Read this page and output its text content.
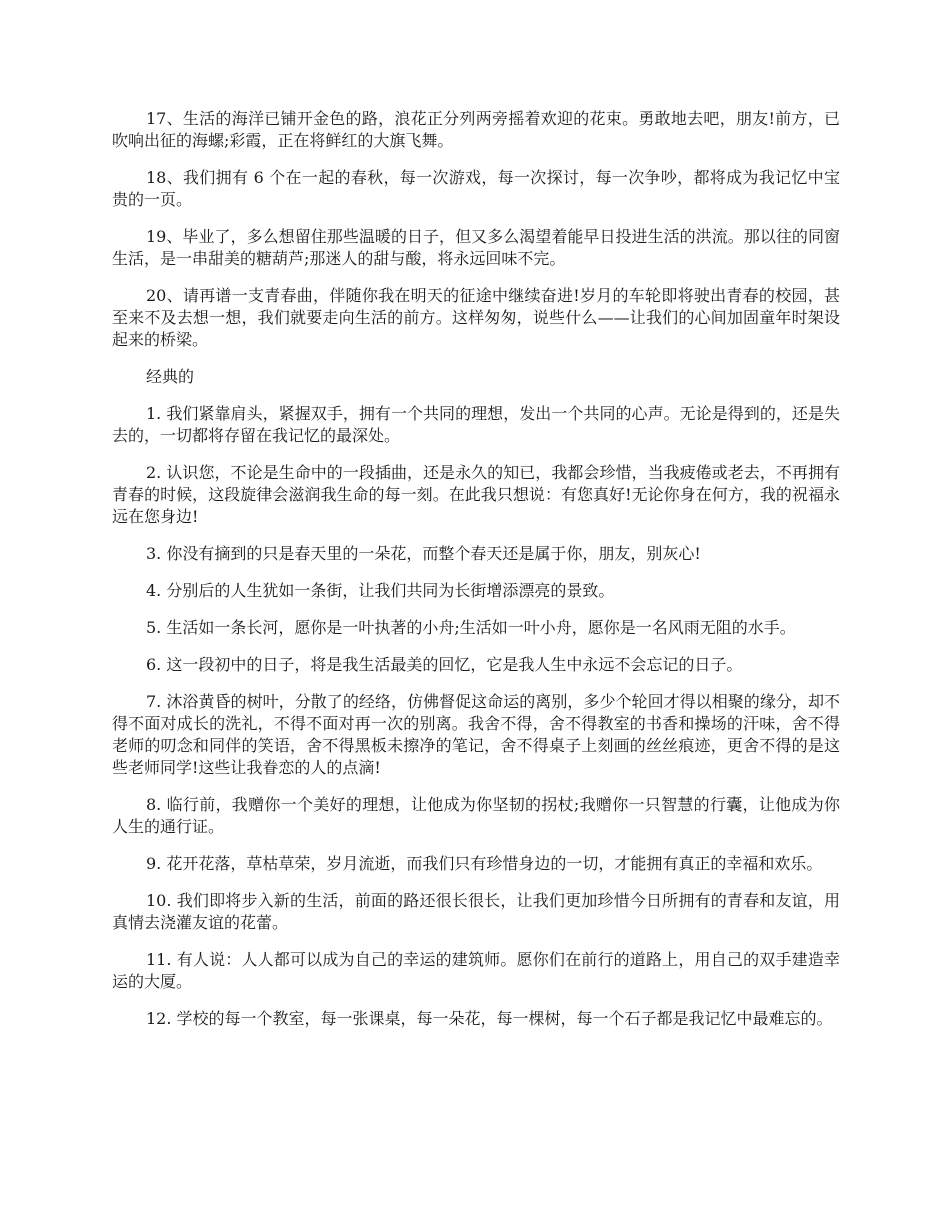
17、生活的海洋已铺开金色的路，浪花正分列两旁摇着欢迎的花束。勇敢地去吧，朋友!前方，已吹响出征的海螺;彩霞，正在将鲜红的大旗飞舞。

18、我们拥有 6 个在一起的春秋，每一次游戏，每一次探讨，每一次争吵，都将成为我记忆中宝贵的一页。

19、毕业了，多么想留住那些温暖的日子，但又多么渴望着能早日投进生活的洪流。那以往的同窗生活，是一串甜美的糖葫芦;那迷人的甜与酸，将永远回味不完。

20、请再谱一支青春曲，伴随你我在明天的征途中继续奋进!岁月的车轮即将驶出青春的校园，甚至来不及去想一想，我们就要走向生活的前方。这样匆匆，说些什么——让我们的心间加固童年时架设起来的桥梁。

经典的

1. 我们紧靠肩头，紧握双手，拥有一个共同的理想，发出一个共同的心声。无论是得到的，还是失去的，一切都将存留在我记忆的最深处。

2. 认识您，不论是生命中的一段插曲，还是永久的知已，我都会珍惜，当我疲倦或老去，不再拥有青春的时候，这段旋律会滋润我生命的每一刻。在此我只想说：有您真好!无论你身在何方，我的祝福永远在您身边!

3. 你没有摘到的只是春天里的一朵花，而整个春天还是属于你，朋友，别灰心!

4. 分别后的人生犹如一条街，让我们共同为长街增添漂亮的景致。

5. 生活如一条长河，愿你是一叶执著的小舟;生活如一叶小舟，愿你是一名风雨无阻的水手。

6. 这一段初中的日子，将是我生活最美的回忆，它是我人生中永远不会忘记的日子。

7. 沐浴黄昏的树叶，分散了的经络，仿佛督促这命运的离别，多少个轮回才得以相聚的缘分，却不得不面对成长的洗礼，不得不面对再一次的别离。我舍不得，舍不得教室的书香和操场的汗味，舍不得老师的叨念和同伴的笑语，舍不得黑板未擦净的笔记，舍不得桌子上刻画的丝丝痕迹，更舍不得的是这些老师同学!这些让我眷恋的人的点滴!

8. 临行前，我赠你一个美好的理想，让他成为你坚韧的拐杖;我赠你一只智慧的行囊，让他成为你人生的通行证。

9. 花开花落，草枯草荣，岁月流逝，而我们只有珍惜身边的一切，才能拥有真正的幸福和欢乐。

10. 我们即将步入新的生活，前面的路还很长很长，让我们更加珍惜今日所拥有的青春和友谊，用真情去浇灌友谊的花蕾。

11. 有人说：人人都可以成为自己的幸运的建筑师。愿你们在前行的道路上，用自己的双手建造幸运的大厦。

12. 学校的每一个教室，每一张课桌，每一朵花，每一棵树，每一个石子都是我记忆中最难忘的。
